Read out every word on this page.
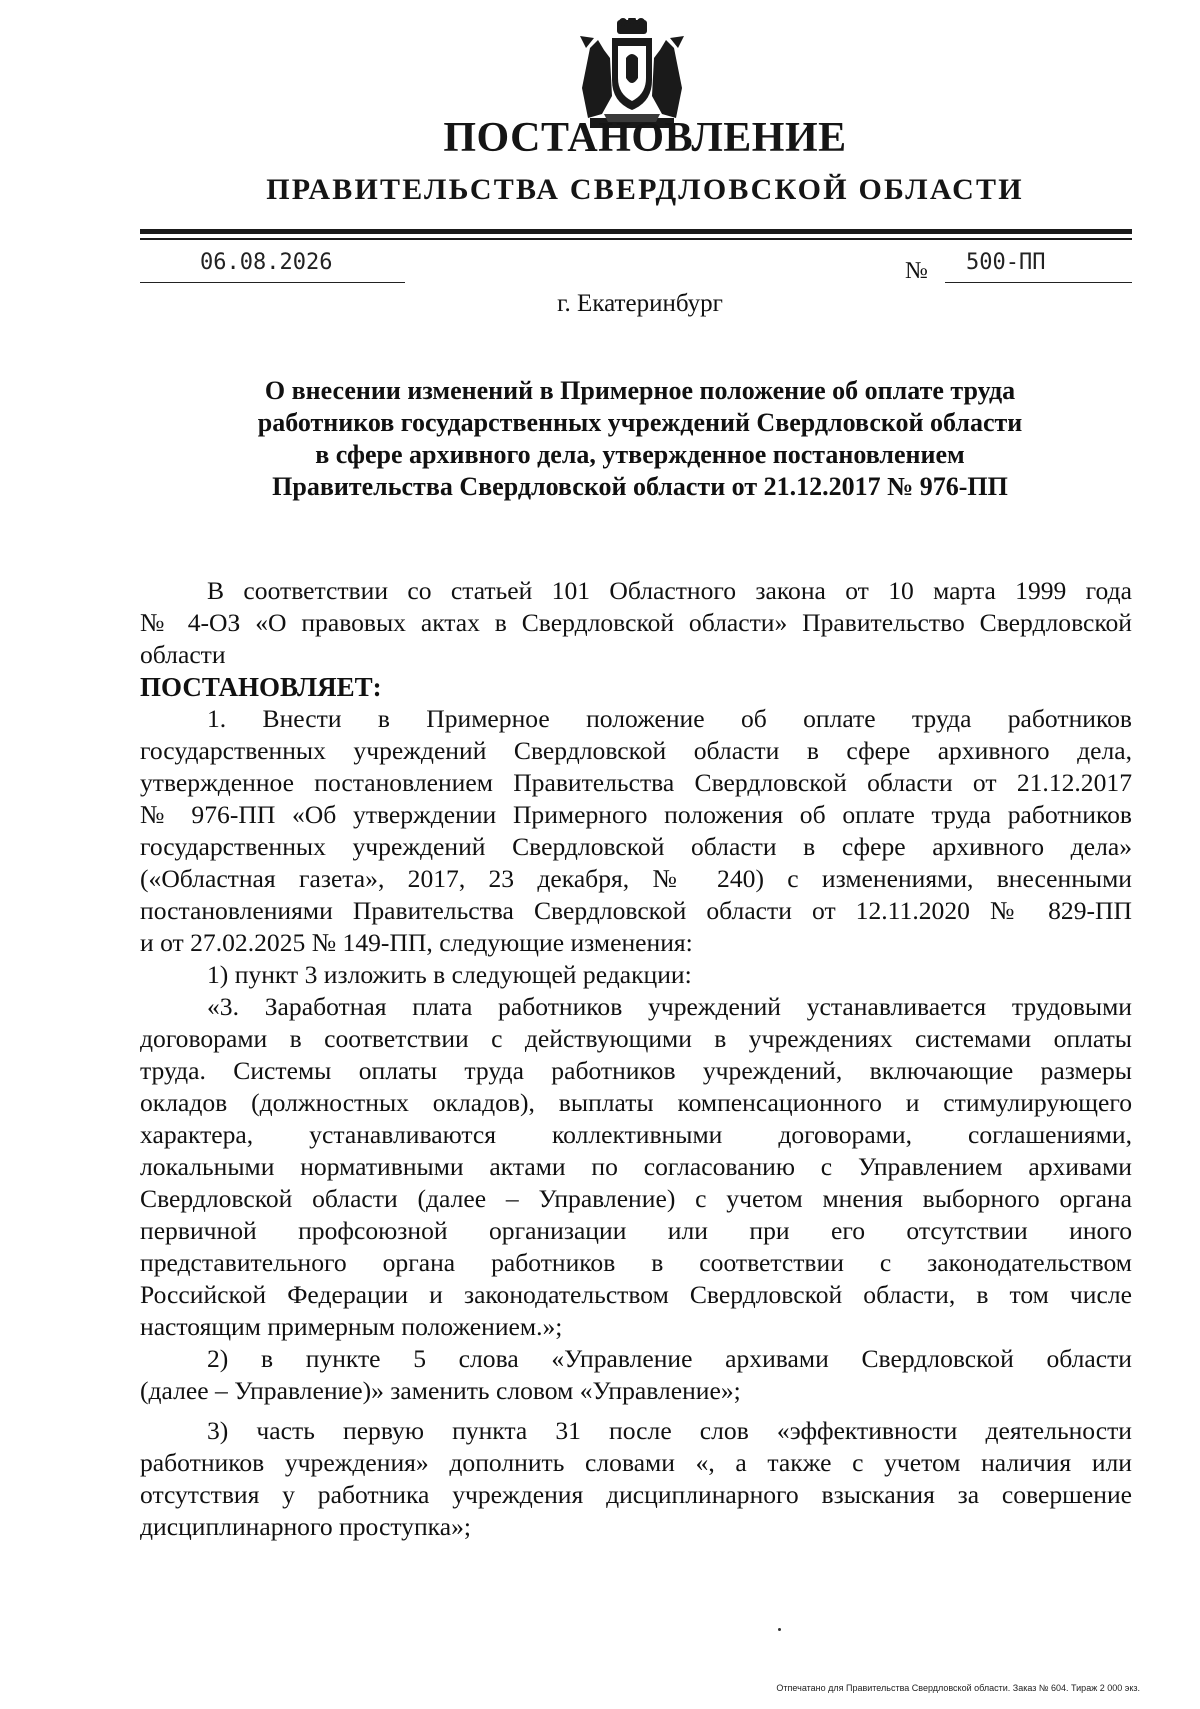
ПОСТАНОВЛЕНИЕ
ПРАВИТЕЛЬСТВА СВЕРДЛОВСКОЙ ОБЛАСТИ
06.08.2026	№ 500-ПП
г. Екатеринбург
О внесении изменений в Примерное положение об оплате труда
работников государственных учреждений Свердловской области
в сфере архивного дела, утвержденное постановлением
Правительства Свердловской области от 21.12.2017 № 976-ПП
В соответствии со статьей 101 Областного закона от 10 марта 1999 года
№ 4-ОЗ «О правовых актах в Свердловской области» Правительство Свердловской
области
ПОСТАНОВЛЯЕТ:
1. Внести в Примерное положение об оплате труда работников
государственных учреждений Свердловской области в сфере архивного дела,
утвержденное постановлением Правительства Свердловской области от 21.12.2017
№ 976-ПП «Об утверждении Примерного положения об оплате труда работников
государственных учреждений Свердловской области в сфере архивного дела»
(«Областная газета», 2017, 23 декабря, № 240) с изменениями, внесенными
постановлениями Правительства Свердловской области от 12.11.2020 № 829-ПП
и от 27.02.2025 № 149-ПП, следующие изменения:
1) пункт 3 изложить в следующей редакции:
«3. Заработная плата работников учреждений устанавливается трудовыми
договорами в соответствии с действующими в учреждениях системами оплаты
труда. Системы оплаты труда работников учреждений, включающие размеры
окладов (должностных окладов), выплаты компенсационного и стимулирующего
характера, устанавливаются коллективными договорами, соглашениями,
локальными нормативными актами по согласованию с Управлением архивами
Свердловской области (далее – Управление) с учетом мнения выборного органа
первичной профсоюзной организации или при его отсутствии иного
представительного органа работников в соответствии с законодательством
Российской Федерации и законодательством Свердловской области, в том числе
настоящим примерным положением.»;
2) в пункте 5 слова «Управление архивами Свердловской области
(далее – Управление)» заменить словом «Управление»;
3) часть первую пункта 31 после слов «эффективности деятельности
работников учреждения» дополнить словами «, а также с учетом наличия или
отсутствия у работника учреждения дисциплинарного взыскания за совершение
дисциплинарного проступка»;
Отпечатано для Правительства Свердловской области. Заказ № 604. Тираж 2 000 экз.
